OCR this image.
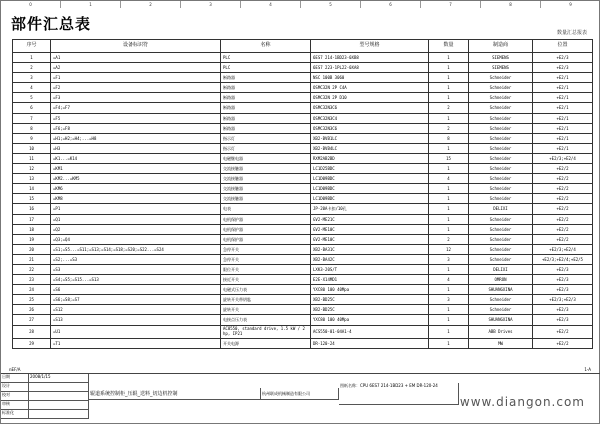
0	1	2	3	4	5	6	7	8	9
部件汇总表	数量汇总报表
序号	设备标识符	名称	型号规格	数量	制造商	位置
1	=A1	PLC	6ES7 214-1BD23-0XB8	1	SIEMENS	+E2/3
2	=A2	PLC	6ES7 223-1PL22-0XA8	1	SIEMENS	+E2/3
3	=F1	断路器	NSC 100B 3060	1	Schneider	+E2/1
4	=F2	断路器	OSMC32N 2P C4A	1	Schneider	+E2/1
5	=F3	断路器	OSMC32N 2P D10	1	Schneider	+E2/1
6	=F4;=F7	断路器	OSMC32N3C6	2	Schneider	+E2/1
7	=F5	断路器	OSMC32N3C4	1	Schneider	+E2/1
8	=F6;=F8	断路器	OSMC32N3C6	2	Schneider	+E2/1
9	=H1;=H2;=H4;...=H8	指示灯	XB2-BVB1LC	8	Schneider	+E2/1
10	=H3	指示灯	XB2-BVB4LC	1	Schneider	+E2/1
11	=K1...=K14	电磁继电器	RXM2AB2BD	15	Schneider	+E2/3;+E2/4
12	=KM1	交流接触器	LC1D25BDC	1	Schneider	+E2/2
13	=KM2...=KM5	交流接触器	LC1D09BDC	4	Schneider	+E2/2
14	=KM6	交流接触器	LC1D09BDC	1	Schneider	+E2/2
15	=KM8	交流接触器	LC1D09BDC	1	Schneider	+E2/2
16	=P1	电表	JP-20A卡扣/10孔	1	DELIXI	+E2/2
17	=Q1	电机保护器	GV2-ME21C	1	Schneider	+E2/2
18	=Q2	电机保护器	GV2-ME10C	1	Schneider	+E2/2
19	=Q3;=Q4	电机保护器	GV2-ME10C	2	Schneider	+E2/2
20	=S1;=S5...=S11;=S13;=S14;=S18;=S20;=S22...=S24	急停开关	XB2-BA31C	12	Schneider	+E2/3;+E2/4
21	=S2;...=S3	急停开关	XB2-BA42C	3	Schneider	+E2/3;+E2/4;+E2/5
22	=S3	限位开关	LXK3-20S/T	1	DELIXI	+E2/3
23	=S4;=S5;=S15...=S13	接近开关	E2E-X14MD1	4	OMRON	+E2/3
24	=S6	电磁式压力表	YXC80 100 40Mpa	1	SHUANGXINA	+E2/3
25	=S6;=S8;=S7	旋转开关带钥匙	XB2-BD25C	3	Schneider	+E2/3;+E2/3
26	=S12	旋转开关	XB2-BD25C	1	Schneider	+E2/3
27	=S13	电接点压力表	YXC80 100 40Mpa	1	SHUANGXINA	+E2/3
28	=U1	AC8550, standard drive, 1.5 kW / 2 hp, IP21	ACS550-01-04A1-4	1	ABB Drives	+E2/2
29	=T1	开关电源	DR-120-24	1	MW	+E2/2
nEF/A	1-A
日期	2008/1/15
设计
校对
审核
标准化
辊道系统控制柜_压辊_送料_切边机控制	杭州联成机械制造有限公司
图纸名称：CPU 6ES7 214-1BD23 + EM DR-120-24
www.diangon.com
